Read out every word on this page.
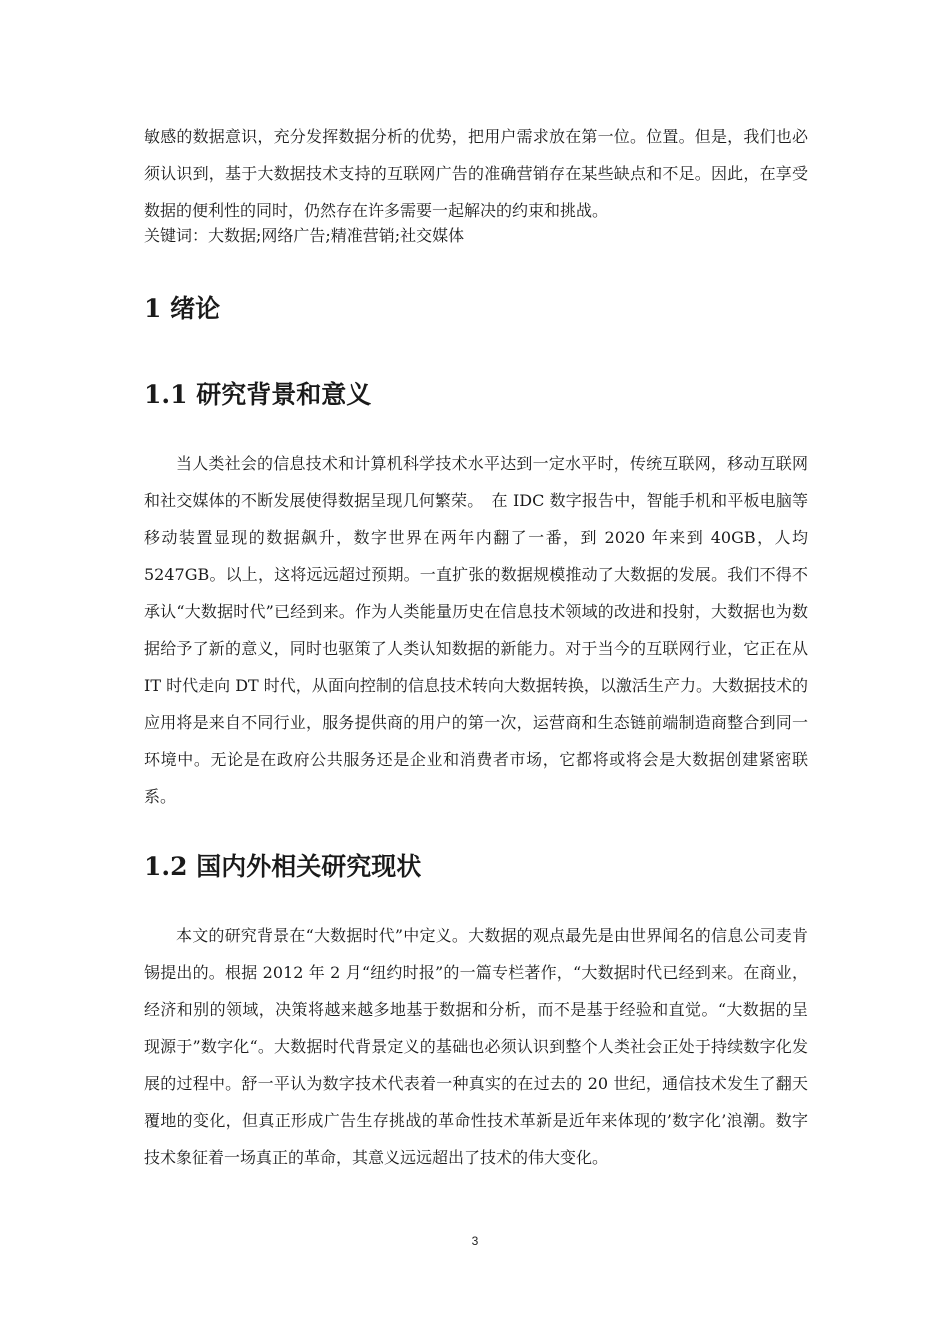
敏感的数据意识，充分发挥数据分析的优势，把用户需求放在第一位。位置。但是，我们也必须认识到，基于大数据技术支持的互联网广告的准确营销存在某些缺点和不足。因此，在享受数据的便利性的同时，仍然存在许多需要一起解决的约束和挑战。

关键词：大数据;网络广告;精准营销;社交媒体

1 绪论
1.1 研究背景和意义

当人类社会的信息技术和计算机科学技术水平达到一定水平时，传统互联网，移动互联网和社交媒体的不断发展使得数据呈现几何繁荣。　在 IDC 数字报告中，智能手机和平板电脑等移动装置显现的数据飙升，数字世界在两年内翻了一番，到 2020 年来到 40GB，人均 5247GB。以上，这将远远超过预期。一直扩张的数据规模推动了大数据的发展。我们不得不承认“大数据时代”已经到来。作为人类能量历史在信息技术领域的改进和投射，大数据也为数据给予了新的意义，同时也驱策了人类认知数据的新能力。对于当今的互联网行业，它正在从 IT 时代走向 DT 时代，从面向控制的信息技术转向大数据转换，以激活生产力。大数据技术的应用将是来自不同行业，服务提供商的用户的第一次，运营商和生态链前端制造商整合到同一环境中。无论是在政府公共服务还是企业和消费者市场，它都将或将会是大数据创建紧密联系。

1.2 国内外相关研究现状

本文的研究背景在“大数据时代”中定义。大数据的观点最先是由世界闻名的信息公司麦肯锡提出的。根据 2012 年 2 月“纽约时报”的一篇专栏著作，“大数据时代已经到来。在商业，经济和别的领域，决策将越来越多地基于数据和分析，而不是基于经验和直觉。“大数据的呈现源于”数字化“。大数据时代背景定义的基础也必须认识到整个人类社会正处于持续数字化发展的过程中。舒一平认为数字技术代表着一种真实的在过去的 20 世纪，通信技术发生了翻天覆地的变化，但真正形成广告生存挑战的革命性技术革新是近年来体现的’数字化’浪潮。数字技术象征着一场真正的革命，其意义远远超出了技术的伟大变化。

3
